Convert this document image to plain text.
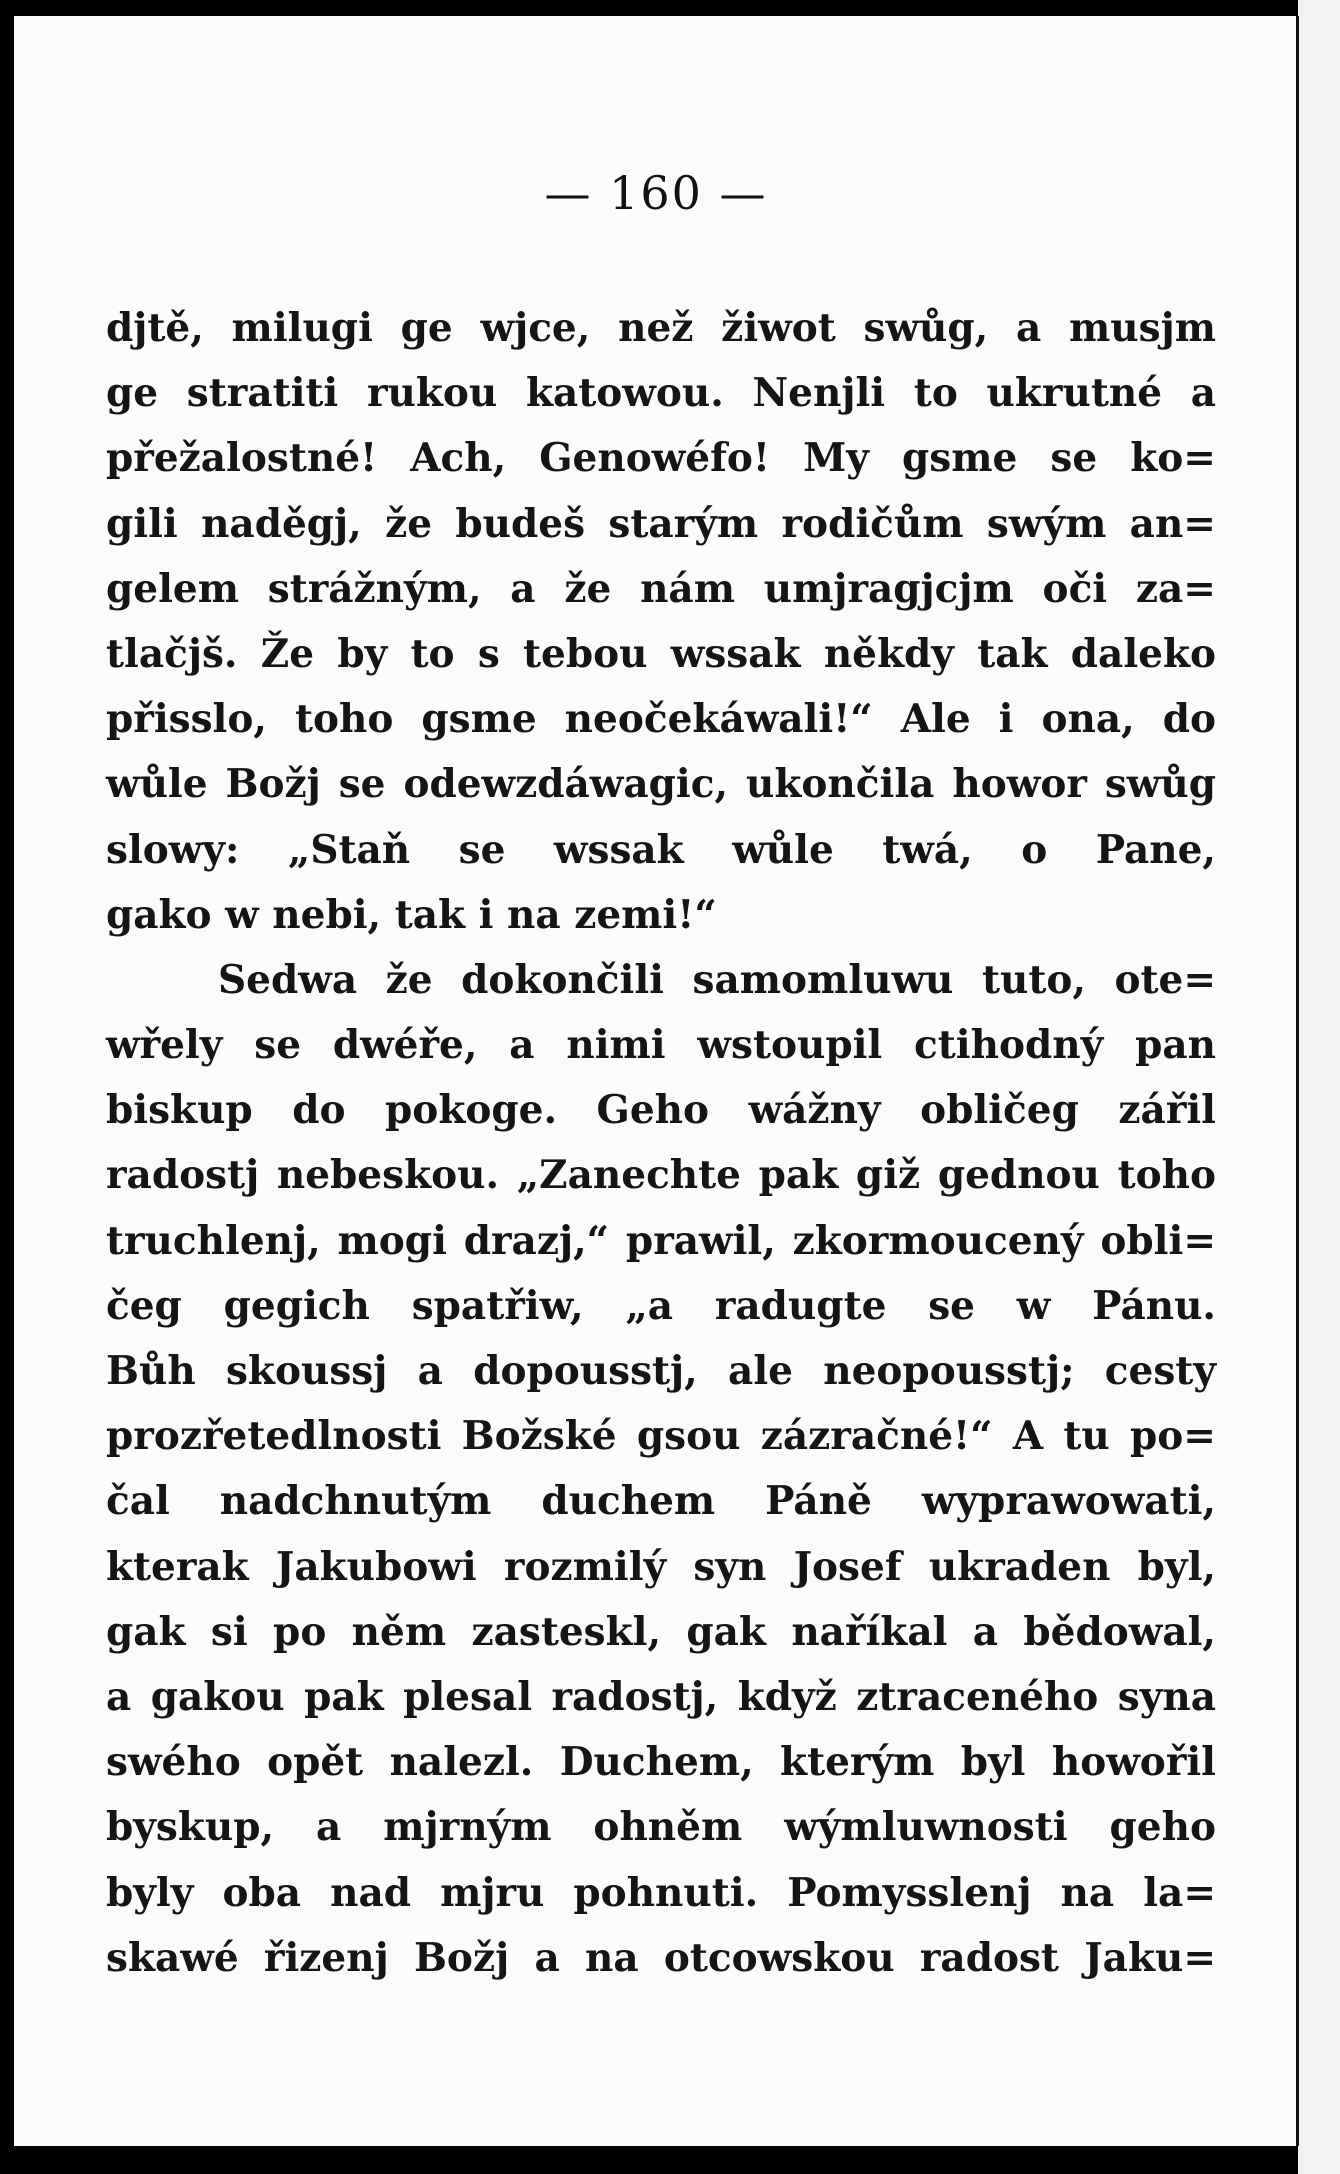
— 160 —
djtě, milugi ge wjce, než žiwot swůg, a musjm
ge stratiti rukou katowou. Nenjli to ukrutné a
přežalostné! Ach, Genowéfo! My gsme se ko=
gili naděgj, že budeš starým rodičům swým an=
gelem strážným, a že nám umjragjcjm oči za=
tlačjš. Že by to s tebou wssak někdy tak daleko
přisslo, toho gsme neočekáwali!“ Ale i ona, do
wůle Božj se odewzdáwagic, ukončila howor swůg
slowy: „Staň se wssak wůle twá, o Pane,
gako w nebi, tak i na zemi!“
Sedwa že dokončili samomluwu tuto, ote=
wřely se dwéře, a nimi wstoupil ctihodný pan
biskup do pokoge. Geho wážny obličeg zářil
radostj nebeskou. „Zanechte pak giž gednou toho
truchlenj, mogi drazj,“ prawil, zkormoucený obli=
čeg gegich spatřiw, „a radugte se w Pánu.
Bůh skoussj a dopousstj, ale neopousstj; cesty
prozřetedlnosti Božské gsou zázračné!“ A tu po=
čal nadchnutým duchem Páně wyprawowati,
kterak Jakubowi rozmilý syn Josef ukraden byl,
gak si po něm zasteskl, gak naříkal a bědowal,
a gakou pak plesal radostj, když ztraceného syna
swého opět nalezl. Duchem, kterým byl howořil
byskup, a mjrným ohněm wýmluwnosti geho
byly oba nad mjru pohnuti. Pomysslenj na la=
skawé řizenj Božj a na otcowskou radost Jaku=
